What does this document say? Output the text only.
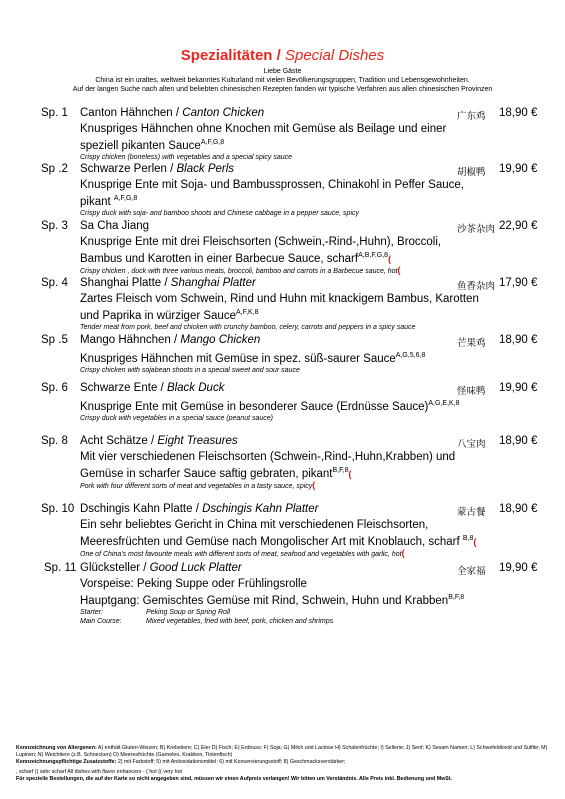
Spezialitäten / Special Dishes
Liebe Gäste
China ist ein uraltes, weltweit bekanntes Kulturland mit vielen Bevölkerungsgruppen, Tradition und Lebensgewohnheiten.
Auf der langen Suche nach alten und beliebten chinesischen Rezepten fanden wir typische Verfahren aus allen chinesischen Provinzen
Sp. 1 Canton Hähnchen / Canton Chicken	广东鸡 18,90 €
Knuspriges Hähnchen ohne Knochen mit Gemüse als Beilage und einer speziell pikanten Sauce$^{A,F,G,8}$
Crispy chicken (boneless) with vegetables and a special spicy sauce
Sp .2 Schwarze Perlen / Black Perls	胡椒鸭 19,90 €
Knusprige Ente mit Soja- und Bambussprossen, Chinakohl in Peffer Sauce, pikant $^{A,F,G,8}$
Crispy duck with soja- and bamboo shoots and Chinese cabbage in a pepper sauce, spicy
Sp. 3 Sa Cha Jiang	沙茶杂肉 22,90 €
Knusprige Ente mit drei Fleischsorten (Schwein,-Rind-,Huhn), Broccoli, Bambus und Karotten in einer Barbecue Sauce, scharf$^{A,B,F,G,8}$(
Crispy chicken , duck with three various meats, broccoli, bamboo and carrots in a Barbecue sauce, hot(
Sp. 4 Shanghai Platte / Shanghai Platter	鱼香杂肉 17,90 €
Zartes Fleisch vom Schwein, Rind und Huhn mit knackigem Bambus, Karotten und Paprika in würziger Sauce$^{A,F,K,8}$
Tender meat from pork, beef and chicken with crunchy bamboo, celery, carrots and peppers in a spicy sauce
Sp .5 Mango Hähnchen / Mango Chicken	芒果鸡 18,90 €
Knuspriges Hähnchen mit Gemüse in spez. süß-saurer Sauce$^{A,G,5,6,8}$
Crispy chicken with sojabean shoots in a special sweet and sour sauce
Sp. 6 Schwarze Ente / Black Duck	怪味鸭 19,90 €
Knusprige Ente mit Gemüse in besonderer Sauce (Erdnüsse Sauce)$^{A,G,E,K,8}$
Crispy duck with vegetables in a special sauce (peanut sauce)
Sp. 8 Acht Schätze / Eight Treasures	八宝肉 18,90 €
Mit vier verschiedenen Fleischsorten (Schwein-,Rind-,Huhn,Krabben) und Gemüse in scharfer Sauce saftig gebraten, pikant$^{B,F,8}$(
Pork with four different sorts of meat and vegetables in a tasty sauce, spicy(
Sp. 10 Dschingis Kahn Platte / Dschingis Kahn Platter	蒙古餐 18,90 €
Ein sehr beliebtes Gericht in China mit verschiedenen Fleischsorten, Meeresfrüchten und Gemüse nach Mongolischer Art mit Knoblauch, scharf $^{B,8}$(
One of China's most favourite meals with different sorts of meat, seafood and vegetables with garlic, hot(
Sp. 11 Glücksteller / Good Luck Platter	全家福 19,90 €
Vorspeise: Peking Suppe oder Frühlingsrolle
Hauptgang: Gemischtes Gemüse mit Rind, Schwein, Huhn und Krabben$^{B,F,8}$
Starter:	Peking Soup or Spring Roll
Main Course:	Mixed vegetables, fried with beef, pork, chicken and shrimps
Kennzeichnung von Allergenen: A) enthält Gluten-Weizen; B) Krebstiere; C) Eier D) Fisch; E) Erdnuss; F) Soja; G) Milch und Lactose H) Schalenfrüchte; I) Sellerie; J) Senf; K) Sesam Namen; L) Schwefeldioxid und Sulfite; M) Lupinen; N) Weichtiere (z.B. Schnecken) O) Meeresfrüchte (Garnelen, Krabben, Tintenfisch)
Kennzeichnungspflichtige Zusatzstoffe: 2) mit Farbstoff; 5) mit Antioxidationsmittel; 6) mit Konservierungsstoff; 8) Geschmacksverstärker;
, scharf (( sehr scharf All dishes with flavor enhancers - ( hot (( very hot
Für spezielle Bestellungen, die auf der Karte so nicht angegeben sind, müssen wir einen Aufpreis verlangen! Wir bitten um Verständnis. Alle Preis inkl. Bedienung und MwSt.
